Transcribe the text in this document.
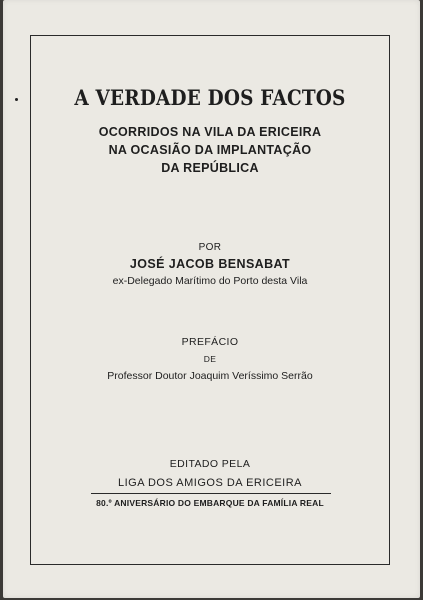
A VERDADE DOS FACTOS
OCORRIDOS NA VILA DA ERICEIRA
NA OCASIÃO DA IMPLANTAÇÃO
DA REPÚBLICA
POR
JOSÉ JACOB BENSABAT
ex-Delegado Marítimo do Porto desta Vila
PREFÁCIO
DE
Professor Doutor Joaquim Veríssimo Serrão
EDITADO PELA
LIGA DOS AMIGOS DA ERICEIRA
80.º ANIVERSÁRIO DO EMBARQUE DA FAMÍLIA REAL
